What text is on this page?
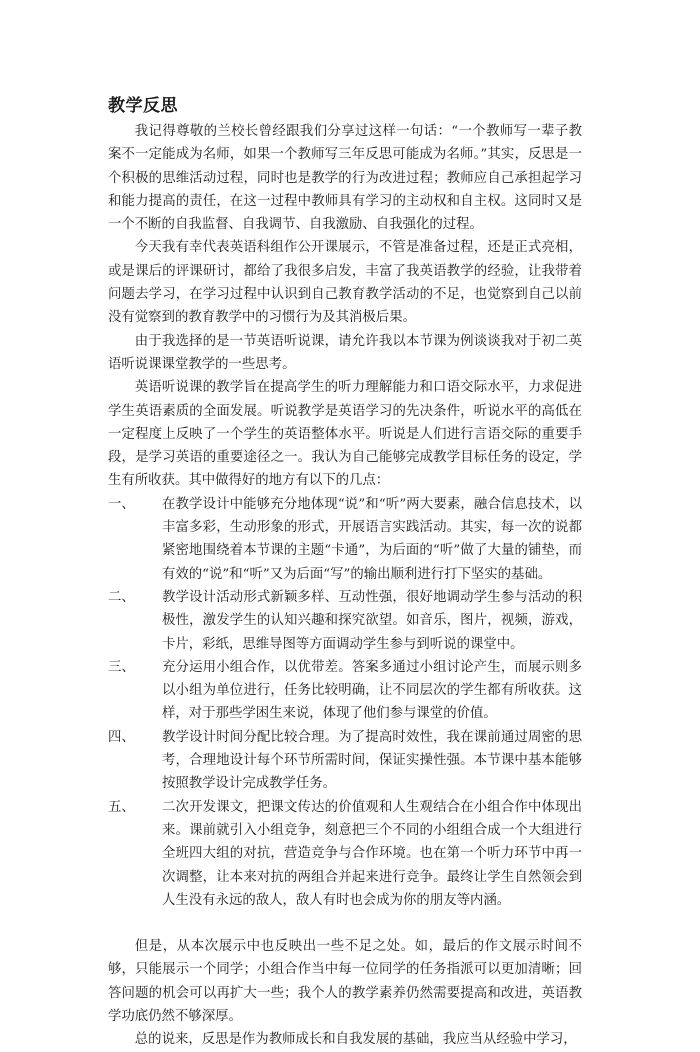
教学反思

我记得尊敬的兰校长曾经跟我们分享过这样一句话：“一个教师写一辈子教案不一定能成为名师，如果一个教师写三年反思可能成为名师。”其实，反思是一个积极的思维活动过程，同时也是教学的行为改进过程；教师应自己承担起学习和能力提高的责任，在这一过程中教师具有学习的主动权和自主权。这同时又是一个不断的自我监督、自我调节、自我激励、自我强化的过程。

今天我有幸代表英语科组作公开课展示，不管是准备过程，还是正式亮相，或是课后的评课研讨，都给了我很多启发，丰富了我英语教学的经验，让我带着问题去学习，在学习过程中认识到自己教育教学活动的不足，也觉察到自己以前没有觉察到的教育教学中的习惯行为及其消极后果。

由于我选择的是一节英语听说课，请允许我以本节课为例谈谈我对于初二英语听说课课堂教学的一些思考。

英语听说课的教学旨在提高学生的听力理解能力和口语交际水平，力求促进学生英语素质的全面发展。听说教学是英语学习的先决条件，听说水平的高低在一定程度上反映了一个学生的英语整体水平。听说是人们进行言语交际的重要手段，是学习英语的重要途径之一。我认为自己能够完成教学目标任务的设定，学生有所收获。其中做得好的地方有以下的几点：

一、	在教学设计中能够充分地体现“说”和“听”两大要素，融合信息技术，以丰富多彩，生动形象的形式，开展语言实践活动。其实，每一次的说都紧密地围绕着本节课的主题“卡通”，为后面的“听”做了大量的铺垫，而有效的“说”和“听”又为后面“写”的输出顺利进行打下坚实的基础。
二、	教学设计活动形式新颖多样、互动性强，很好地调动学生参与活动的积极性，激发学生的认知兴趣和探究欲望。如音乐，图片，视频，游戏，卡片，彩纸，思维导图等方面调动学生参与到听说的课堂中。
三、	充分运用小组合作，以优带差。答案多通过小组讨论产生，而展示则多以小组为单位进行，任务比较明确，让不同层次的学生都有所收获。这样，对于那些学困生来说，体现了他们参与课堂的价值。
四、	教学设计时间分配比较合理。为了提高时效性，我在课前通过周密的思考，合理地设计每个环节所需时间，保证实操性强。本节课中基本能够按照教学设计完成教学任务。
五、	二次开发课文，把课文传达的价值观和人生观结合在小组合作中体现出来。课前就引入小组竞争，刻意把三个不同的小组组合成一个大组进行全班四大组的对抗，营造竞争与合作环境。也在第一个听力环节中再一次调整，让本来对抗的两组合并起来进行竞争。最终让学生自然领会到人生没有永远的敌人，敌人有时也会成为你的朋友等内涵。

但是，从本次展示中也反映出一些不足之处。如，最后的作文展示时间不够，只能展示一个同学；小组合作当中每一位同学的任务指派可以更加清晰；回答问题的机会可以再扩大一些；我个人的教学素养仍然需要提高和改进，英语教学功底仍然不够深厚。

总的说来，反思是作为教师成长和自我发展的基础，我应当从经验中学习，
